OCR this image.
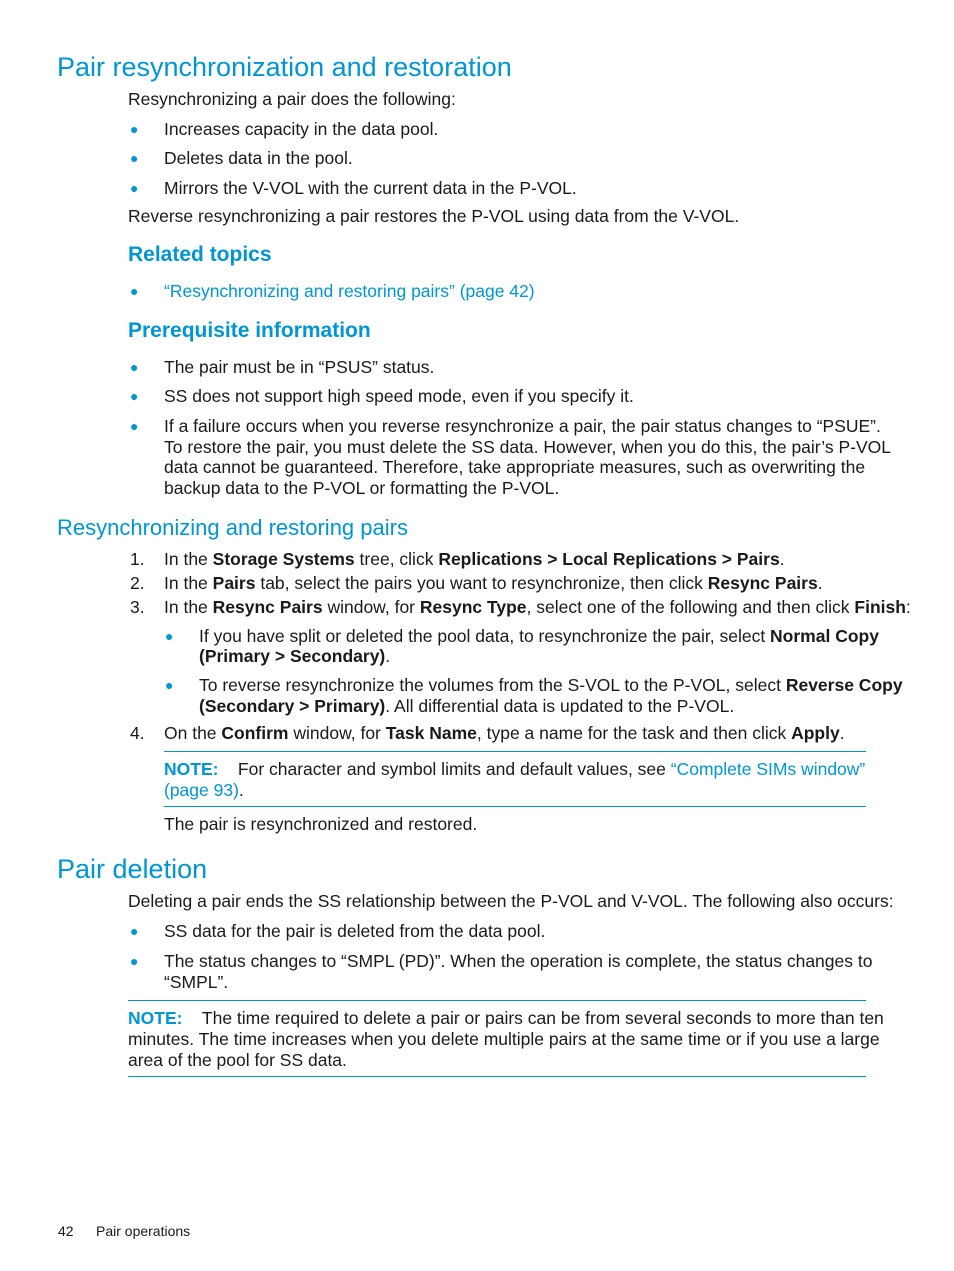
Pair resynchronization and restoration

Resynchronizing a pair does the following:

● Increases capacity in the data pool.

● Deletes data in the pool.

● Mirrors the V-VOL with the current data in the P-VOL.

Reverse resynchronizing a pair restores the P-VOL using data from the V-VOL.

Related topics
● “Resynchronizing and restoring pairs” (page 42)
Prerequisite information
● The pair must be in “PSUS” status.

● SS does not support high speed mode, even if you specify it.

● If a failure occurs when you reverse resynchronize a pair, the pair status changes to “PSUE”.

To restore the pair, you must delete the SS data. However, when you do this, the pair’s P-VOL

data cannot be guaranteed. Therefore, take appropriate measures, such as overwriting the

backup data to the P-VOL or formatting the P-VOL.

Resynchronizing and restoring pairs
1. In the Storage Systems tree, click Replications > Local Replications > Pairs.

2. In the Pairs tab, select the pairs you want to resynchronize, then click Resync Pairs.

3. In the Resync Pairs window, for Resync Type, select one of the following and then click Finish:

● If you have split or deleted the pool data, to resynchronize the pair, select Normal Copy

(Primary > Secondary).

● To reverse resynchronize the volumes from the S-VOL to the P-VOL, select Reverse Copy

(Secondary > Primary). All differential data is updated to the P-VOL.

4. On the Confirm window, for Task Name, type a name for the task and then click Apply.

NOTE: For character and symbol limits and default values, see “Complete SIMs window”

(page 93).

The pair is resynchronized and restored.

Pair deletion

Deleting a pair ends the SS relationship between the P-VOL and V-VOL. The following also occurs:

● SS data for the pair is deleted from the data pool.

● The status changes to “SMPL (PD)”. When the operation is complete, the status changes to

“SMPL”.

NOTE: The time required to delete a pair or pairs can be from several seconds to more than ten

minutes. The time increases when you delete multiple pairs at the same time or if you use a large

area of the pool for SS data.

42 Pair operations
